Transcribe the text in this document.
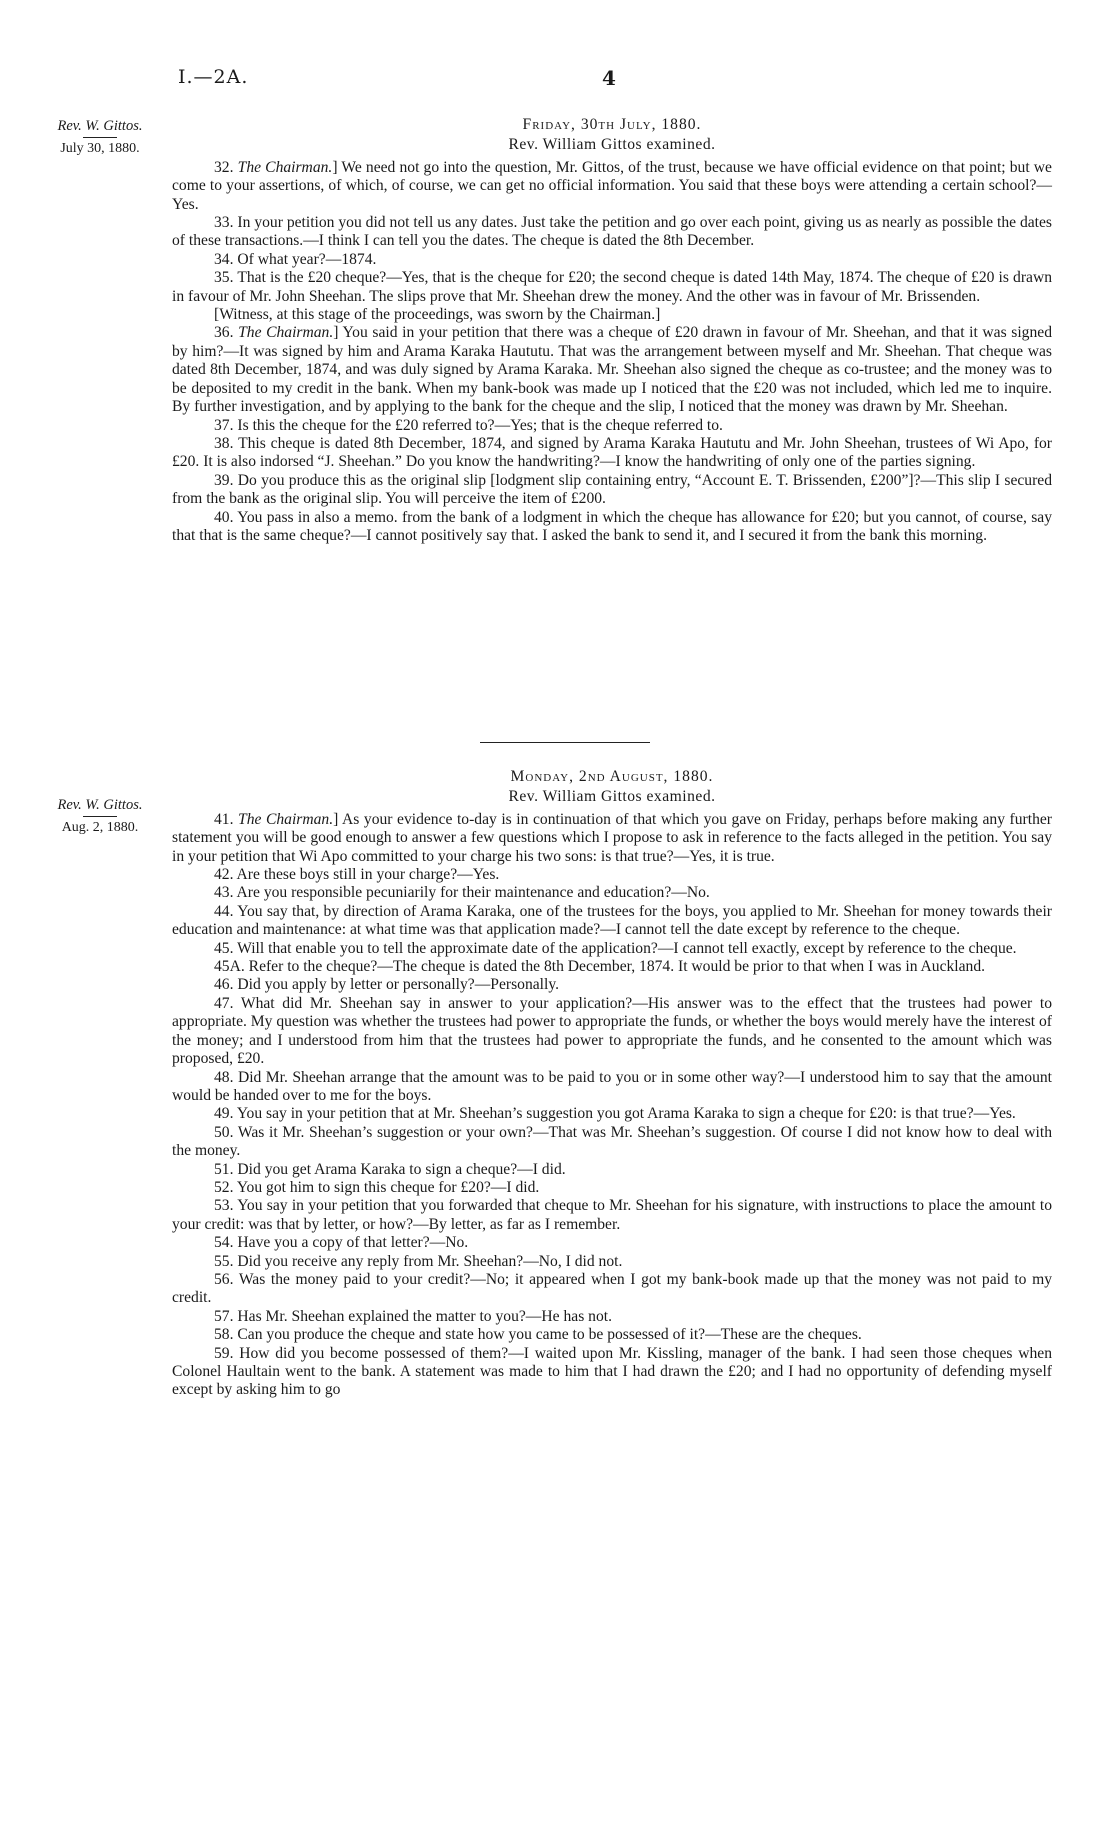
I.—2A.	4
Rev. W. Gittos.
July 30, 1880.

Friday, 30th July, 1880.

Rev. William Gittos examined.

32. The Chairman.] We need not go into the question, Mr. Gittos, of the trust, because we have official evidence on that point; but we come to your assertions, of which, of course, we can get no official information. You said that these boys were attending a certain school?—Yes.

33. In your petition you did not tell us any dates. Just take the petition and go over each point, giving us as nearly as possible the dates of these transactions.—I think I can tell you the dates. The cheque is dated the 8th December.

34. Of what year?—1874.

35. That is the £20 cheque?—Yes, that is the cheque for £20; the second cheque is dated 14th May, 1874. The cheque of £20 is drawn in favour of Mr. John Sheehan. The slips prove that Mr. Sheehan drew the money. And the other was in favour of Mr. Brissenden.

[Witness, at this stage of the proceedings, was sworn by the Chairman.]

36. The Chairman.] You said in your petition that there was a cheque of £20 drawn in favour of Mr. Sheehan, and that it was signed by him?—It was signed by him and Arama Karaka Haututu. That was the arrangement between myself and Mr. Sheehan. That cheque was dated 8th December, 1874, and was duly signed by Arama Karaka. Mr. Sheehan also signed the cheque as co-trustee; and the money was to be deposited to my credit in the bank. When my bank-book was made up I noticed that the £20 was not included, which led me to inquire. By further investigation, and by applying to the bank for the cheque and the slip, I noticed that the money was drawn by Mr. Sheehan.

37. Is this the cheque for the £20 referred to?—Yes; that is the cheque referred to.

38. This cheque is dated 8th December, 1874, and signed by Arama Karaka Haututu and Mr. John Sheehan, trustees of Wi Apo, for £20. It is also indorsed “J. Sheehan.” Do you know the handwriting?—I know the handwriting of only one of the parties signing.

39. Do you produce this as the original slip [lodgment slip containing entry, “Account E. T. Brissenden, £200”]?—This slip I secured from the bank as the original slip. You will perceive the item of £200.

40. You pass in also a memo. from the bank of a lodgment in which the cheque has allowance for £20; but you cannot, of course, say that that is the same cheque?—I cannot positively say that. I asked the bank to send it, and I secured it from the bank this morning.

Rev. W. Gittos.
Aug. 2, 1880.

Monday, 2nd August, 1880.

Rev. William Gittos examined.

41. The Chairman.] As your evidence to-day is in continuation of that which you gave on Friday, perhaps before making any further statement you will be good enough to answer a few questions which I propose to ask in reference to the facts alleged in the petition. You say in your petition that Wi Apo committed to your charge his two sons: is that true?—Yes, it is true.

42. Are these boys still in your charge?—Yes.

43. Are you responsible pecuniarily for their maintenance and education?—No.

44. You say that, by direction of Arama Karaka, one of the trustees for the boys, you applied to Mr. Sheehan for money towards their education and maintenance: at what time was that application made?—I cannot tell the date except by reference to the cheque.

45. Will that enable you to tell the approximate date of the application?—I cannot tell exactly, except by reference to the cheque.

45A. Refer to the cheque?—The cheque is dated the 8th December, 1874. It would be prior to that when I was in Auckland.

46. Did you apply by letter or personally?—Personally.

47. What did Mr. Sheehan say in answer to your application?—His answer was to the effect that the trustees had power to appropriate. My question was whether the trustees had power to appropriate the funds, or whether the boys would merely have the interest of the money; and I understood from him that the trustees had power to appropriate the funds, and he consented to the amount which was proposed, £20.

48. Did Mr. Sheehan arrange that the amount was to be paid to you or in some other way?—I understood him to say that the amount would be handed over to me for the boys.

49. You say in your petition that at Mr. Sheehan’s suggestion you got Arama Karaka to sign a cheque for £20: is that true?—Yes.

50. Was it Mr. Sheehan’s suggestion or your own?—That was Mr. Sheehan’s suggestion. Of course I did not know how to deal with the money.

51. Did you get Arama Karaka to sign a cheque?—I did.

52. You got him to sign this cheque for £20?—I did.

53. You say in your petition that you forwarded that cheque to Mr. Sheehan for his signature, with instructions to place the amount to your credit: was that by letter, or how?—By letter, as far as I remember.

54. Have you a copy of that letter?—No.

55. Did you receive any reply from Mr. Sheehan?—No, I did not.

56. Was the money paid to your credit?—No; it appeared when I got my bank-book made up that the money was not paid to my credit.

57. Has Mr. Sheehan explained the matter to you?—He has not.

58. Can you produce the cheque and state how you came to be possessed of it?—These are the cheques.

59. How did you become possessed of them?—I waited upon Mr. Kissling, manager of the bank. I had seen those cheques when Colonel Haultain went to the bank. A statement was made to him that I had drawn the £20; and I had no opportunity of defending myself except by asking him to go
